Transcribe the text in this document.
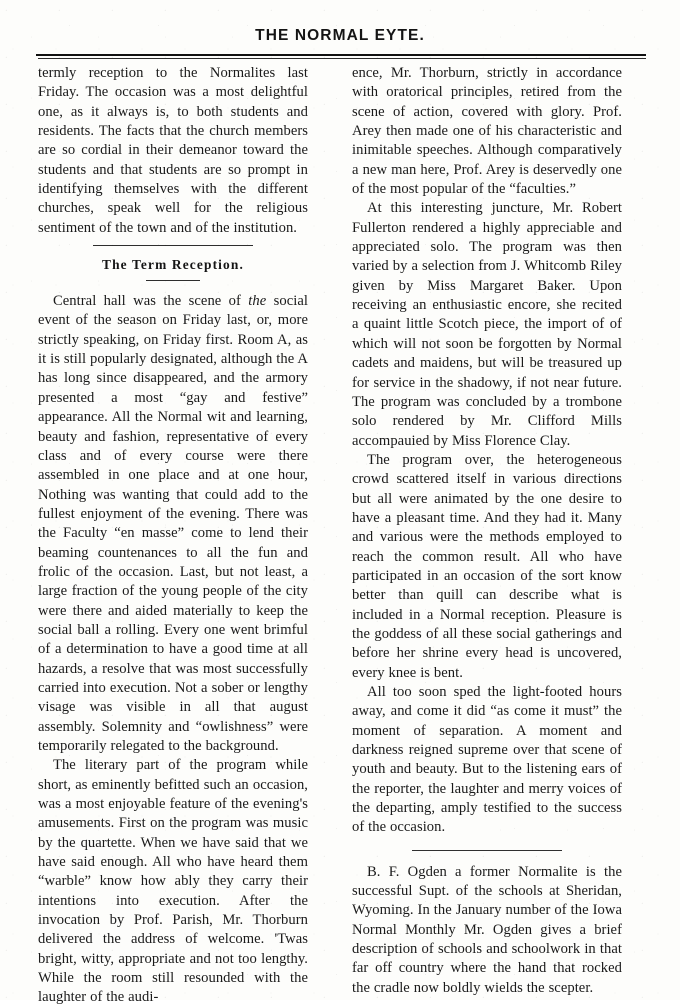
THE NORMAL EYTE.

termly reception to the Normalites last Friday. The occasion was a most delightful one, as it always is, to both students and residents. The facts that the church members are so cordial in their demeanor toward the students and that students are so prompt in identifying themselves with the different churches, speak well for the religious sentiment of the town and of the institution.

The Term Reception.

Central hall was the scene of the social event of the season on Friday last, or, more strictly speaking, on Friday first. Room A, as it is still popularly designated, although the A has long since disappeared, and the armory presented a most “gay and festive” appearance. All the Normal wit and learning, beauty and fashion, representative of every class and of every course were there assembled in one place and at one hour, Nothing was wanting that could add to the fullest enjoyment of the evening. There was the Faculty “en masse” come to lend their beaming countenances to all the fun and frolic of the occasion. Last, but not least, a large fraction of the young people of the city were there and aided materially to keep the social ball a rolling. Every one went brimful of a determination to have a good time at all hazards, a resolve that was most successfully carried into execution. Not a sober or lengthy visage was visible in all that august assembly. Solemnity and “owlishness” were temporarily relegated to the background.

The literary part of the program while short, as eminently befitted such an occasion, was a most enjoyable feature of the evening's amusements. First on the program was music by the quartette. When we have said that we have said enough. All who have heard them “warble” know how ably they carry their intentions into execution. After the invocation by Prof. Parish, Mr. Thorburn delivered the address of welcome. 'Twas bright, witty, appropriate and not too lengthy. While the room still resounded with the laughter of the audi-

ence, Mr. Thorburn, strictly in accordance with oratorical principles, retired from the scene of action, covered with glory. Prof. Arey then made one of his characteristic and inimitable speeches. Although comparatively a new man here, Prof. Arey is deservedly one of the most popular of the “faculties.”

At this interesting juncture, Mr. Robert Fullerton rendered a highly appreciable and appreciated solo. The program was then varied by a selection from J. Whitcomb Riley given by Miss Margaret Baker. Upon receiving an enthusiastic encore, she recited a quaint little Scotch piece, the import of of which will not soon be forgotten by Normal cadets and maidens, but will be treasured up for service in the shadowy, if not near future. The program was concluded by a trombone solo rendered by Mr. Clifford Mills accompauied by Miss Florence Clay.

The program over, the heterogeneous crowd scattered itself in various directions but all were animated by the one desire to have a pleasant time. And they had it. Many and various were the methods employed to reach the common result. All who have participated in an occasion of the sort know better than quill can describe what is included in a Normal reception. Pleasure is the goddess of all these social gatherings and before her shrine every head is uncovered, every knee is bent.

All too soon sped the light-footed hours away, and come it did “as come it must” the moment of separation. A moment and darkness reigned supreme over that scene of youth and beauty. But to the listening ears of the reporter, the laughter and merry voices of the departing, amply testified to the success of the occasion.

B. F. Ogden a former Normalite is the successful Supt. of the schools at Sheridan, Wyoming. In the January number of the Iowa Normal Monthly Mr. Ogden gives a brief description of schools and schoolwork in that far off country where the hand that rocked the cradle now boldly wields the scepter.
